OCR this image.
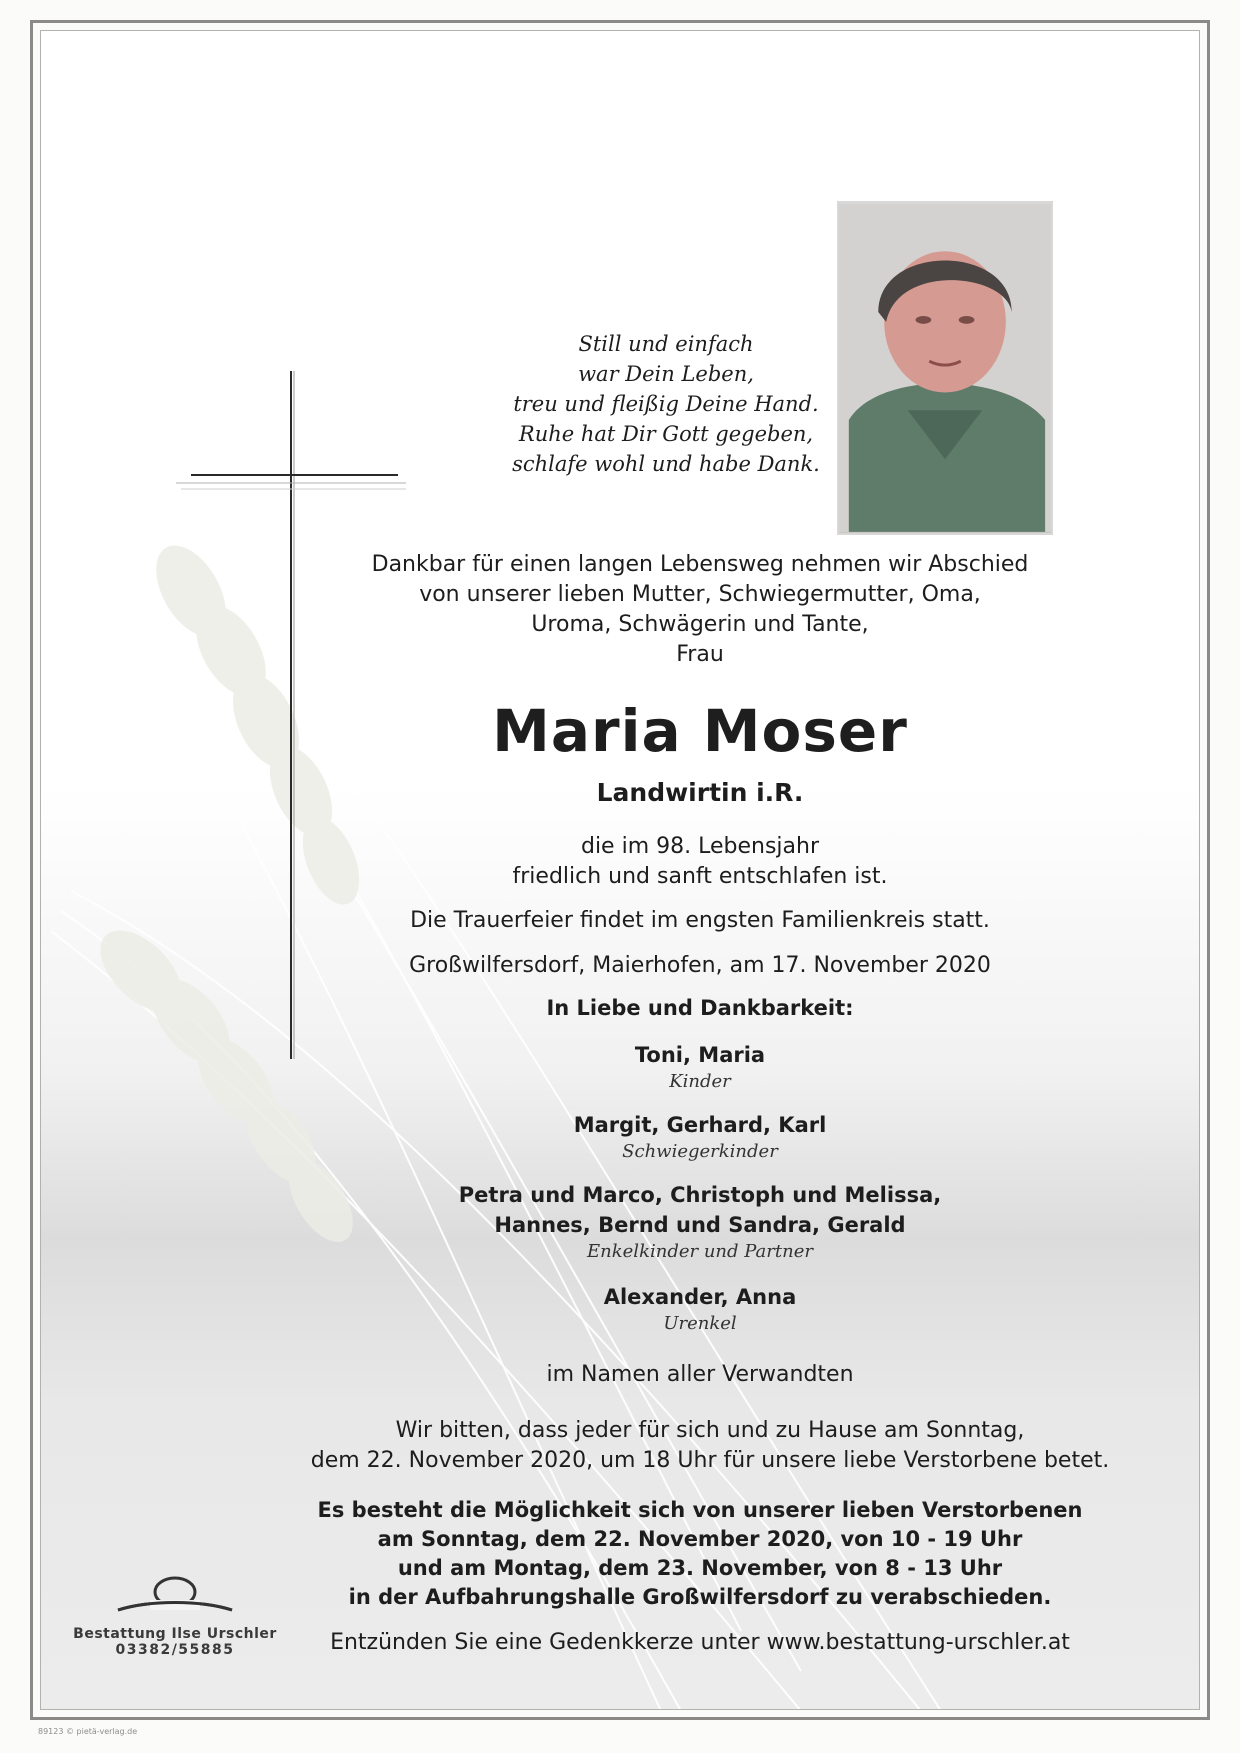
Still und einfach
war Dein Leben,
treu und fleißig Deine Hand.
Ruhe hat Dir Gott gegeben,
schlafe wohl und habe Dank.
Dankbar für einen langen Lebensweg nehmen wir Abschied
von unserer lieben Mutter, Schwiegermutter, Oma,
Uroma, Schwägerin und Tante,
Frau
Maria Moser
Landwirtin i.R.
die im 98. Lebensjahr
friedlich und sanft entschlafen ist.
Die Trauerfeier findet im engsten Familienkreis statt.
Großwilfersdorf, Maierhofen, am 17. November 2020
In Liebe und Dankbarkeit:
Toni, Maria
Kinder
Margit, Gerhard, Karl
Schwiegerkinder
Petra und Marco, Christoph und Melissa,
Hannes, Bernd und Sandra, Gerald
Enkelkinder und Partner
Alexander, Anna
Urenkel
im Namen aller Verwandten
Wir bitten, dass jeder für sich und zu Hause am Sonntag,
dem 22. November 2020, um 18 Uhr für unsere liebe Verstorbene betet.
Es besteht die Möglichkeit sich von unserer lieben Verstorbenen
am Sonntag, dem 22. November 2020, von 10 - 19 Uhr
und am Montag, dem 23. November, von 8 - 13 Uhr
in der Aufbahrungshalle Großwilfersdorf zu verabschieden.
Entzünden Sie eine Gedenkkerze unter www.bestattung-urschler.at
Bestattung Ilse Urschler
03382/55885
89123 © pietä-verlag.de
